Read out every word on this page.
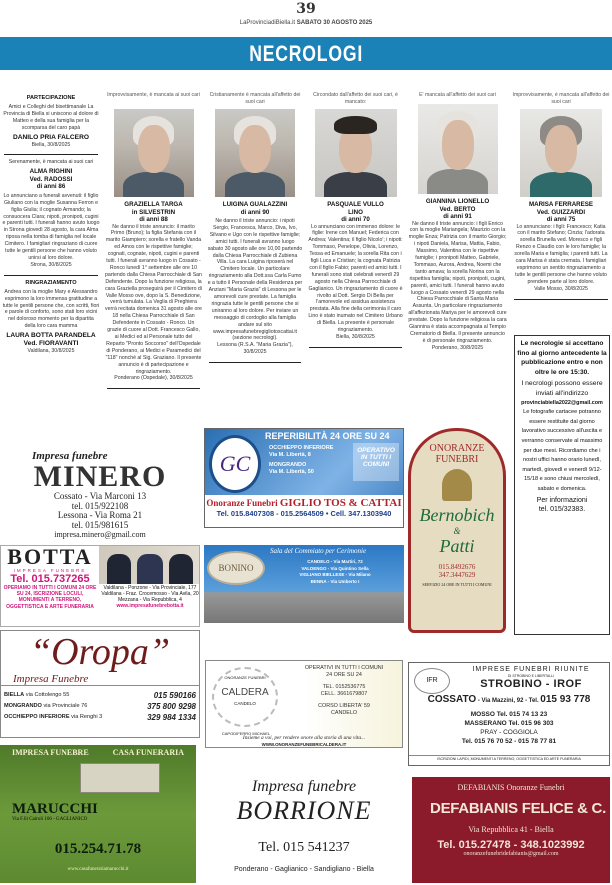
39
LaProvinciadiBiella.it SABATO 30 AGOSTO 2025
NECROLOGI
PARTECIPAZIONE
Amici e Colleghi del bisettimanale La Provincia di Biella si uniscono al dolore di Matteo e della sua famiglia per la scomparsa del caro papà
DANILO PRIA FALCERO
Biella, 30/8/2025
Serenamente, è mancata ai suoi cari
ALMA RIGHINI
Ved. RADOSSI
di anni 86
Lo annunciano a funerali avvenuti: il figlio Giuliano con la moglie Susanna Ferron e figlia Giulia; il cognato Armando; la consuocera Clara; nipoti, pronipoti, cugini e parenti tutti. I funerali hanno avuto luogo in Strona giovedì 28 agosto, la cara Alma riposa nella tomba di famiglia nel locale Cimitero. I famigliari ringraziano di cuore tutte le gentili persone che hanno voluto unirsi al loro dolore.
Strona, 30/8/2025
RINGRAZIAMENTO
Andrea con la moglie Mary e Alessandro esprimono la loro immensa gratitudine a tutte le gentili persone che, con scritti, fiori e parole di conforto, sono stati loro vicini nel doloroso momento per la dipartita della loro cara mamma
LAURA BOTTA PARANDELA
Ved. FIORAVANTI
Valdilana, 30/8/2025
Improvvisamente, è mancata ai suoi cari
GRAZIELLA TARGA
in SILVESTRIN
di anni 88
Ne danno il triste annuncio: il marito Primo (Bruno); la figlia Stefania con il marito Giampiero; sorella e fratello Vanda ed Amos con le rispettive famiglie; cognati, cognate, nipoti, cugini e parenti tutti. I funerali avranno luogo in Cossato - Ronco lunedì 1° settembre alle ore 10 partendo dalla Chiesa Parrocchiale di San Defendente. Dopo la funzione religiosa, la cara Graziella proseguirà per il Cimitero di Valle Mosso ove, dopo la S. Benedizione, verrà tumulata. La Veglia di Preghiera verrà recitata domenica 31 agosto alle ore 18 nella Chiesa Parrocchiale di San Defendente in Cossato - Ronco. Un grazie di cuore al Dott. Francesco Gallo, ai Medici ed al Personale tutto del Reparto "Pronto Soccorso" dell'Ospedale di Ponderano, ai Medici e Paramedici del "118" nonché al Sig. Graziano. Il presente annuncio è di partecipazione e ringraziamento.
Ponderano (Ospedale), 30/8/2025
Cristianamente è mancata all'affetto dei suoi cari
LUIGINA GUALAZZINI
di anni 90
Ne danno il triste annuncio: i nipoti Sergio, Francesca, Marco, Diva, Ivo, Silvano e Ugo con le rispettive famiglie; amici tutti. I funerali avranno luogo sabato 30 agosto alle ore 10,00 partendo dalla Chiesa Parrocchiale di Zubiena Villa. La cara Luigina riposerà nel Cimitero locale. Un particolare ringraziamento alla Dott.ssa Carla Fumo e a tutto il Personale della Residenza per Anziani "Maria Grazia" di Lessona per le amorevoli cure prestate. La famiglia ringrazia tutte le gentili persone che si uniranno al loro dolore. Per inviare un messaggio di cordoglio alla famiglia andare sul sito www.impresafunebregigliotoscattai.it (sezione necrologi).
Lessona (R.S.A. "Maria Grazia"), 30/8/2025
Circondato dall'affetto dei suoi cari, è mancato:
PASQUALE VULLO
LINO
di anni 70
Lo annunciano con immenso dolore: le figlie: Irene con Manuel; Federica con Andrea; Valentina; il figlio Nicolo'; i nipoti: Tommaso, Penelope, Olivia, Lorenzo, Tessa ed Emanuele; la sorella Rita con i figli Luca e Cristian; la cognata Patrizia con il figlio Fabio; parenti ed amici tutti. I funerali sono stati celebrati venerdì 29 agosto nella Chiesa Parrocchiale di Gaglianico. Un ringraziamento di cuore è rivolto al Dott. Sergio Di Bella per l'amorevole ed assidua assistenza prestata. Alla fine della cerimonia il caro Lino è stato inumato nel Cimitero Urbano di Biella. La presente è personale ringraziamento.
Biella, 30/8/2025
E' mancata all'affetto dei suoi cari
GIANNINA LIONELLO
Ved. BERTO
di anni 91
Ne danno il triste annuncio: i figli Enrico con la moglie Mariangela; Maurizio con la moglie Enza; Patrizia con il marito Giorgio; i nipoti Daniela, Marisa, Mattia, Fabio, Massimo, Valentina con le rispettive famiglie; i pronipoti Matteo, Gabriele, Tommaso, Aurora, Andrea, Noemi che tanto amava; la sorella Norina con la rispettiva famiglia; nipoti, pronipoti, cugini, parenti, amici tutti. I funerali hanno avuto luogo a Cossato venerdì 29 agosto nella Chiesa Parrocchiale di Santa Maria Assunta. Un particolare ringraziamento all'affezionata Mariya per le amorevoli cure prestate. Dopo la funzione religiosa la cara Giannina è stata accompagnata al Tempio Crematorio di Biella. Il presente annuncio è di personale ringraziamento.
Ponderano, 30/8/2025
Improvvisamente, è mancata all'affetto dei suoi cari
MARISA FERRARESE
Ved. GUIZZARDI
di anni 75
Lo annunciano: i figli: Francesco; Katia con il marito Stefano; Cinzia; l'adorata sorella Brunella ved. Moresco e figli Renzo e Claudio con le loro famiglie; la sorella Maria e famiglia; i parenti tutti. La cara Marisa è stata cremata. I famigliari esprimono un sentito ringraziamento a tutte le gentili persone che hanno voluto prendere parte al loro dolore.
Valle Mosso, 30/8/2025
Le necrologie si accettano fino al giorno antecedente la pubblicazione entro e non oltre le ore 15:30.
I necrologi possono essere inviati all'indirizzo
provinciabiella2022@gmail.com
Le fotografie cartacee potranno essere restituite dal giorno lavorativo successivo all'uscita e verranno conservate al massimo per due mesi. Ricordiamo che i nostri uffici hanno orario lunedì, martedì, giovedì e venerdì 9/12-15/18 e sono chiusi mercoledì, sabato e domenica.
Per informazioni
tel. 015/32383.
Impresa funebre
MINERO
Cossato - Via Marconi 13
tel. 015/922108
Lessona - Via Roma 21
tel. 015/981615
impresa.minero@gmail.com
BOTTA
IMPRESA FUNEBRE
Tel. 015.737265
OPERIAMO IN TUTTI I COMUNI 24 ORE SU 24, ISCRIZIONE LOCULI, MONUMENTI A TERRENO, OGGETTISTICA E ARTE FUNERARIA
Valdilana - Ponzone - Via Provinciale, 177
Valdilana - Fraz. Crocemosso - Via Avila, 20
Mezzana - Via Repubblica, 4
www.impresafunebrebotta.it
“Oropa”
Impresa Funebre
BIELLA via Cottolengo 55	015 590166
MONGRANDO via Provinciale 76	375 800 9298
OCCHIEPPO INFERIORE via Renghi 3	329 984 1334
IMPRESA FUNEBRE	CASA FUNERARIA
MARUCCHI
Via F.lli Cairoli 106 - GAGLIANICO
015.254.71.78
www.casafunerariamarucchi.it
REPERIBILITÀ 24 ORE SU 24
GC
OCCHIEPPO INFERIORE
Via M. Libertà, 8
MONGRANDO
Via M. Libertà, 50
OPERATIVO IN TUTTI I COMUNI
Onoranze Funebri GIGLIO TOS & CATTAI
Tel. 015.8407308 - 015.2564509 • Cell. 347.1303940
BONINO
Sala del Commiato per Cerimonie
CANDELO - Via Martiri, 72
VALDENGO - Via Quintino Sella
VIGLIANO BIELLESE - Via Milano
BENNA - Via Umberto I
ONORANZE FUNEBRI
CALDERA
CANDELO
CAPODIFERRO MICHAEL
OPERATIVI IN TUTTI I COMUNI
24 ORE SU 24
TEL. 0152536775
CELL. 3661679807
CORSO LIBERTA' 59
CANDELO
Insieme a voi, per rendere onore alla storia di una vita...
WWW.ONORANZEFUNEBRICALDERA.IT
Impresa funebre
BORRIONE
Tel. 015 541237
Ponderano - Gaglianico - Sandigliano - Biella
ONORANZE FUNEBRI
Bernobich
&
Patti
015.8492676
347.3447629
SERVIZIO 24 ORE IN TUTTI I COMUNI
IFR
IMPRESE FUNEBRI RIUNITE
DI STROBINO E LIBERTALLI
STROBINO - IROF
COSSATO - Via Mazzini, 92 - Tel. 015 93 778
MOSSO Tel. 015 74 13 23
MASSERANO Tel. 015 96 303
PRAY - COGGIOLA
Tel. 015 76 70 52 - 015 78 77 81
ISCRIZIONI LAPIDI, MONUMENTI A TERRENO, OGGETTISTICA ED ARTE FUNERARIA
DEFABIANIS Onoranze Funebri
DEFABIANIS FELICE & C.
Via Repubblica 41 - Biella
Tel. 015.27478 - 348.1023992
onoranzefunebridefabianis@gmail.com
